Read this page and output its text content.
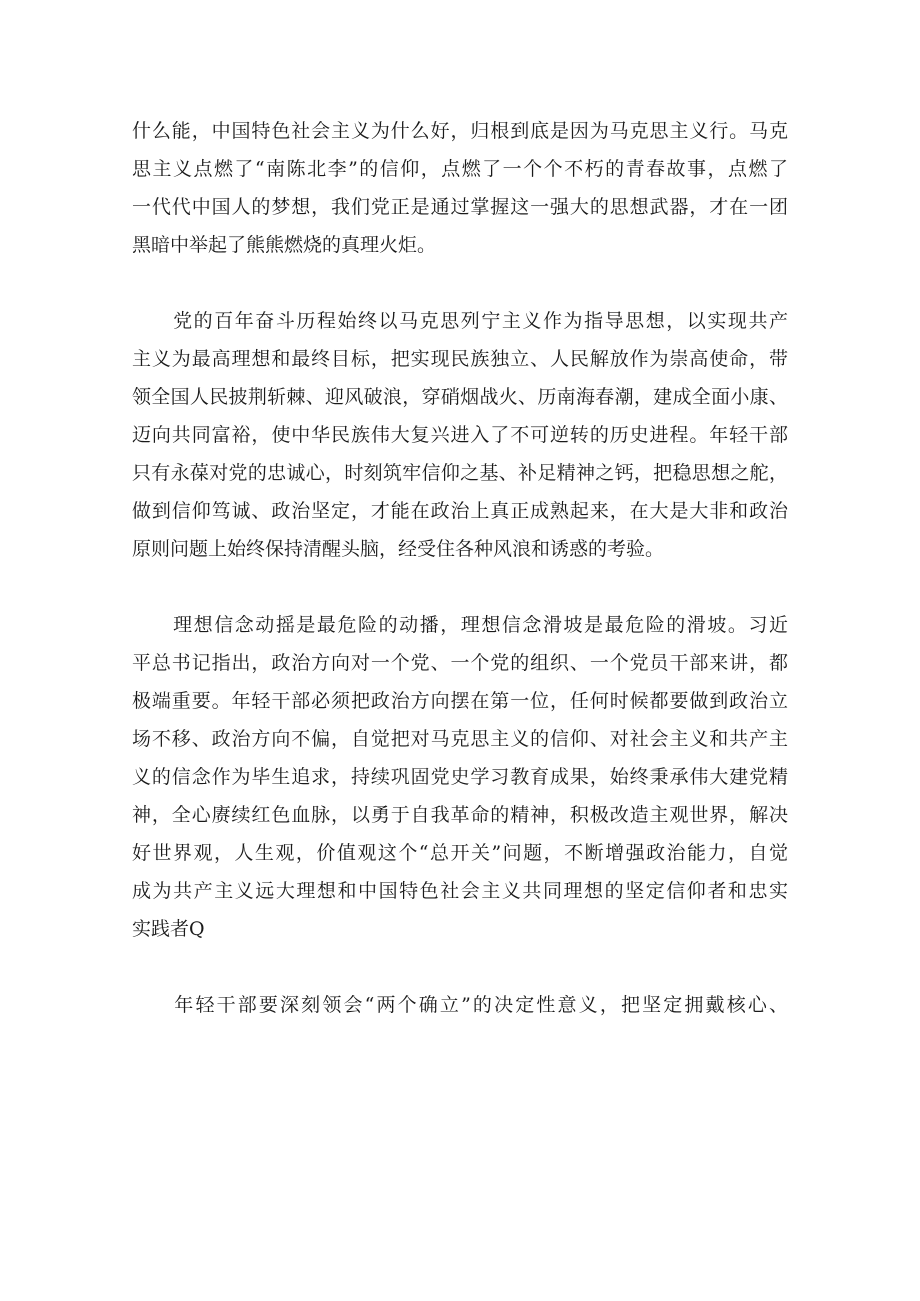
什么能，中国特色社会主义为什么好，归根到底是因为马克思主义行。马克
思主义点燃了“南陈北李”的信仰，点燃了一个个不朽的青春故事，点燃了
一代代中国人的梦想，我们党正是通过掌握这一强大的思想武器，才在一团
黑暗中举起了熊熊燃烧的真理火炬。
　　党的百年奋斗历程始终以马克思列宁主义作为指导思想，以实现共产
主义为最高理想和最终目标，把实现民族独立、人民解放作为崇高使命，带
领全国人民披荆斩棘、迎风破浪，穿硝烟战火、历南海春潮，建成全面小康、
迈向共同富裕，使中华民族伟大复兴进入了不可逆转的历史进程。年轻干部
只有永葆对党的忠诚心，时刻筑牢信仰之基、补足精神之钙，把稳思想之舵，
做到信仰笃诚、政治坚定，才能在政治上真正成熟起来，在大是大非和政治
原则问题上始终保持清醒头脑，经受住各种风浪和诱惑的考验。
　　理想信念动摇是最危险的动播，理想信念滑坡是最危险的滑坡。习近
平总书记指出，政治方向对一个党、一个党的组织、一个党员干部来讲，都
极端重要。年轻干部必须把政治方向摆在第一位，任何时候都要做到政治立
场不移、政治方向不偏，自觉把对马克思主义的信仰、对社会主义和共产主
义的信念作为毕生追求，持续巩固党史学习教育成果，始终秉承伟大建党精
神，全心赓续红色血脉，以勇于自我革命的精神，积极改造主观世界，解决
好世界观，人生观，价值观这个“总开关”问题，不断增强政治能力，自觉
成为共产主义远大理想和中国特色社会主义共同理想的坚定信仰者和忠实
实践者Q
　　年轻干部要深刻领会“两个确立”的决定性意义，把坚定拥戴核心、
